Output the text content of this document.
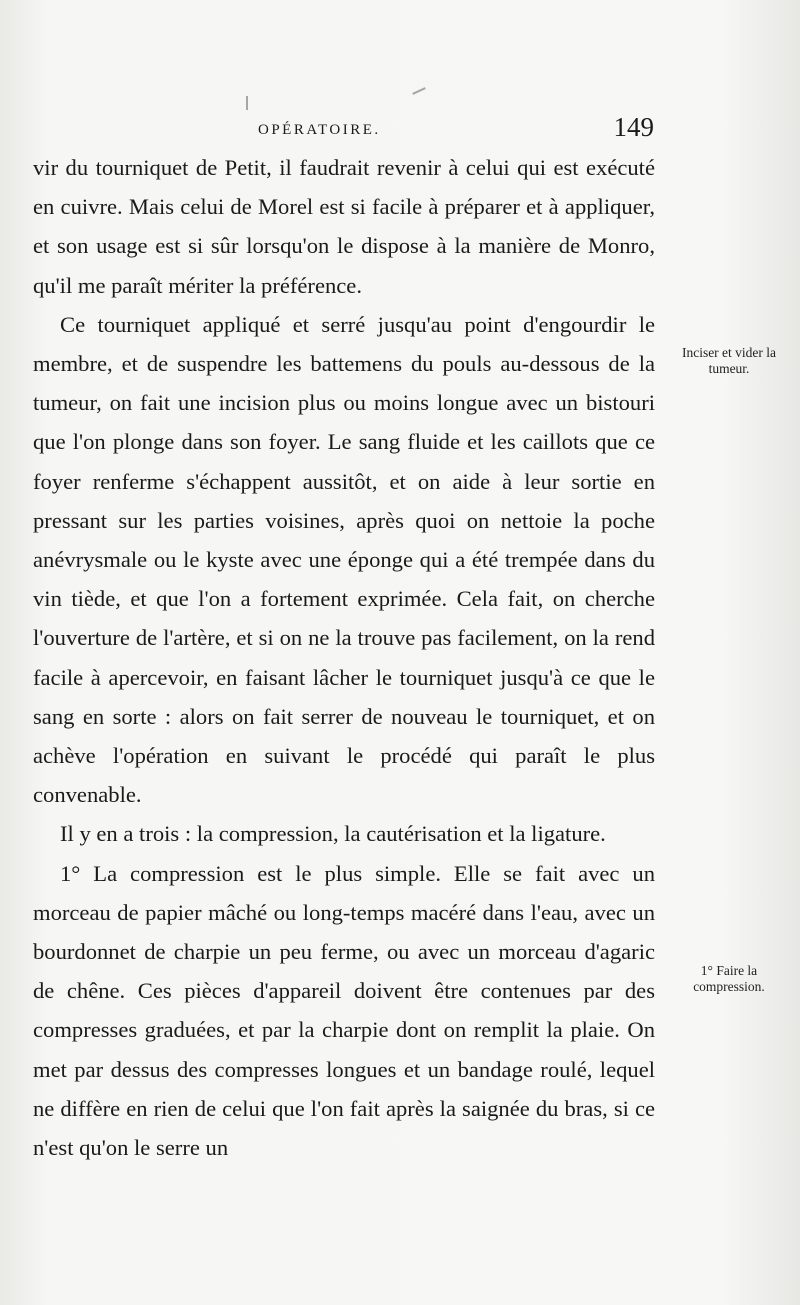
OPÉRATOIRE.	149

vir du tourniquet de Petit, il faudrait revenir à celui qui est exécuté en cuivre. Mais celui de Morel est si facile à préparer et à appliquer, et son usage est si sûr lorsqu'on le dispose à la manière de Monro, qu'il me paraît mériter la préférence.

Ce tourniquet appliqué et serré jusqu'au point d'engourdir le membre, et de suspendre les battemens du pouls au-dessous de la tumeur, on fait une incision plus ou moins longue avec un bistouri que l'on plonge dans son foyer. Le sang fluide et les caillots que ce foyer renferme s'échappent aussitôt, et on aide à leur sortie en pressant sur les parties voisines, après quoi on nettoie la poche anévrysmale ou le kyste avec une éponge qui a été trempée dans du vin tiède, et que l'on a fortement exprimée. Cela fait, on cherche l'ouverture de l'artère, et si on ne la trouve pas facilement, on la rend facile à apercevoir, en faisant lâcher le tourniquet jusqu'à ce que le sang en sorte : alors on fait serrer de nouveau le tourniquet, et on achève l'opération en suivant le procédé qui paraît le plus convenable.

Il y en a trois : la compression, la cautérisation et la ligature.

1° La compression est le plus simple. Elle se fait avec un morceau de papier mâché ou long-temps macéré dans l'eau, avec un bourdonnet de charpie un peu ferme, ou avec un morceau d'agaric de chêne. Ces pièces d'appareil doivent être contenues par des compresses graduées, et par la charpie dont on remplit la plaie. On met par dessus des compresses longues et un bandage roulé, lequel ne diffère en rien de celui que l'on fait après la saignée du bras, si ce n'est qu'on le serre un

Inciser et vider la tumeur.
1° Faire la compression.
